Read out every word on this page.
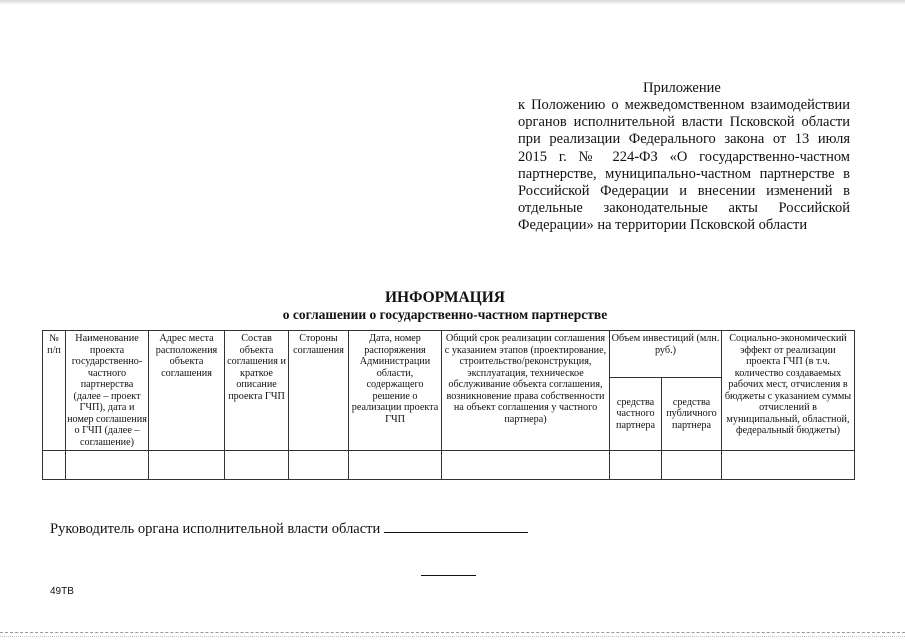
Приложение
к Положению о межведомственном взаимодействии органов исполнительной власти Псковской области при реализации Федерального закона от 13 июля 2015 г. № 224-ФЗ «О государственно-частном партнерстве, муниципально-частном партнерстве в Российской Федерации и внесении изменений в отдельные законодательные акты Российской Федерации» на территории Псковской области
ИНФОРМАЦИЯ
о соглашении о государственно-частном партнерстве
№ п/п	Наименование проекта государственно-частного партнерства (далее – проект ГЧП), дата и номер соглашения о ГЧП (далее – соглашение)	Адрес места расположения объекта соглашения	Состав объекта соглашения и краткое описание проекта ГЧП	Стороны соглашения	Дата, номер распоряжения Администрации области, содержащего решение о реализации проекта ГЧП	Общий срок реализации соглашения с указанием этапов (проектирование, строительство/реконструкция, эксплуатация, техническое обслуживание объекта соглашения, возникновение права собственности на объект соглашения у частного партнера)	Объем инвестиций (млн. руб.)		Социально-экономический эффект от реализации проекта ГЧП (в т.ч. количество создаваемых рабочих мест, отчисления в бюджеты с указанием суммы отчислений в муниципальный, областной, федеральный бюджеты)
							средства частного партнера	средства публичного партнера	

Руководитель органа исполнительной власти области
49ТВ
